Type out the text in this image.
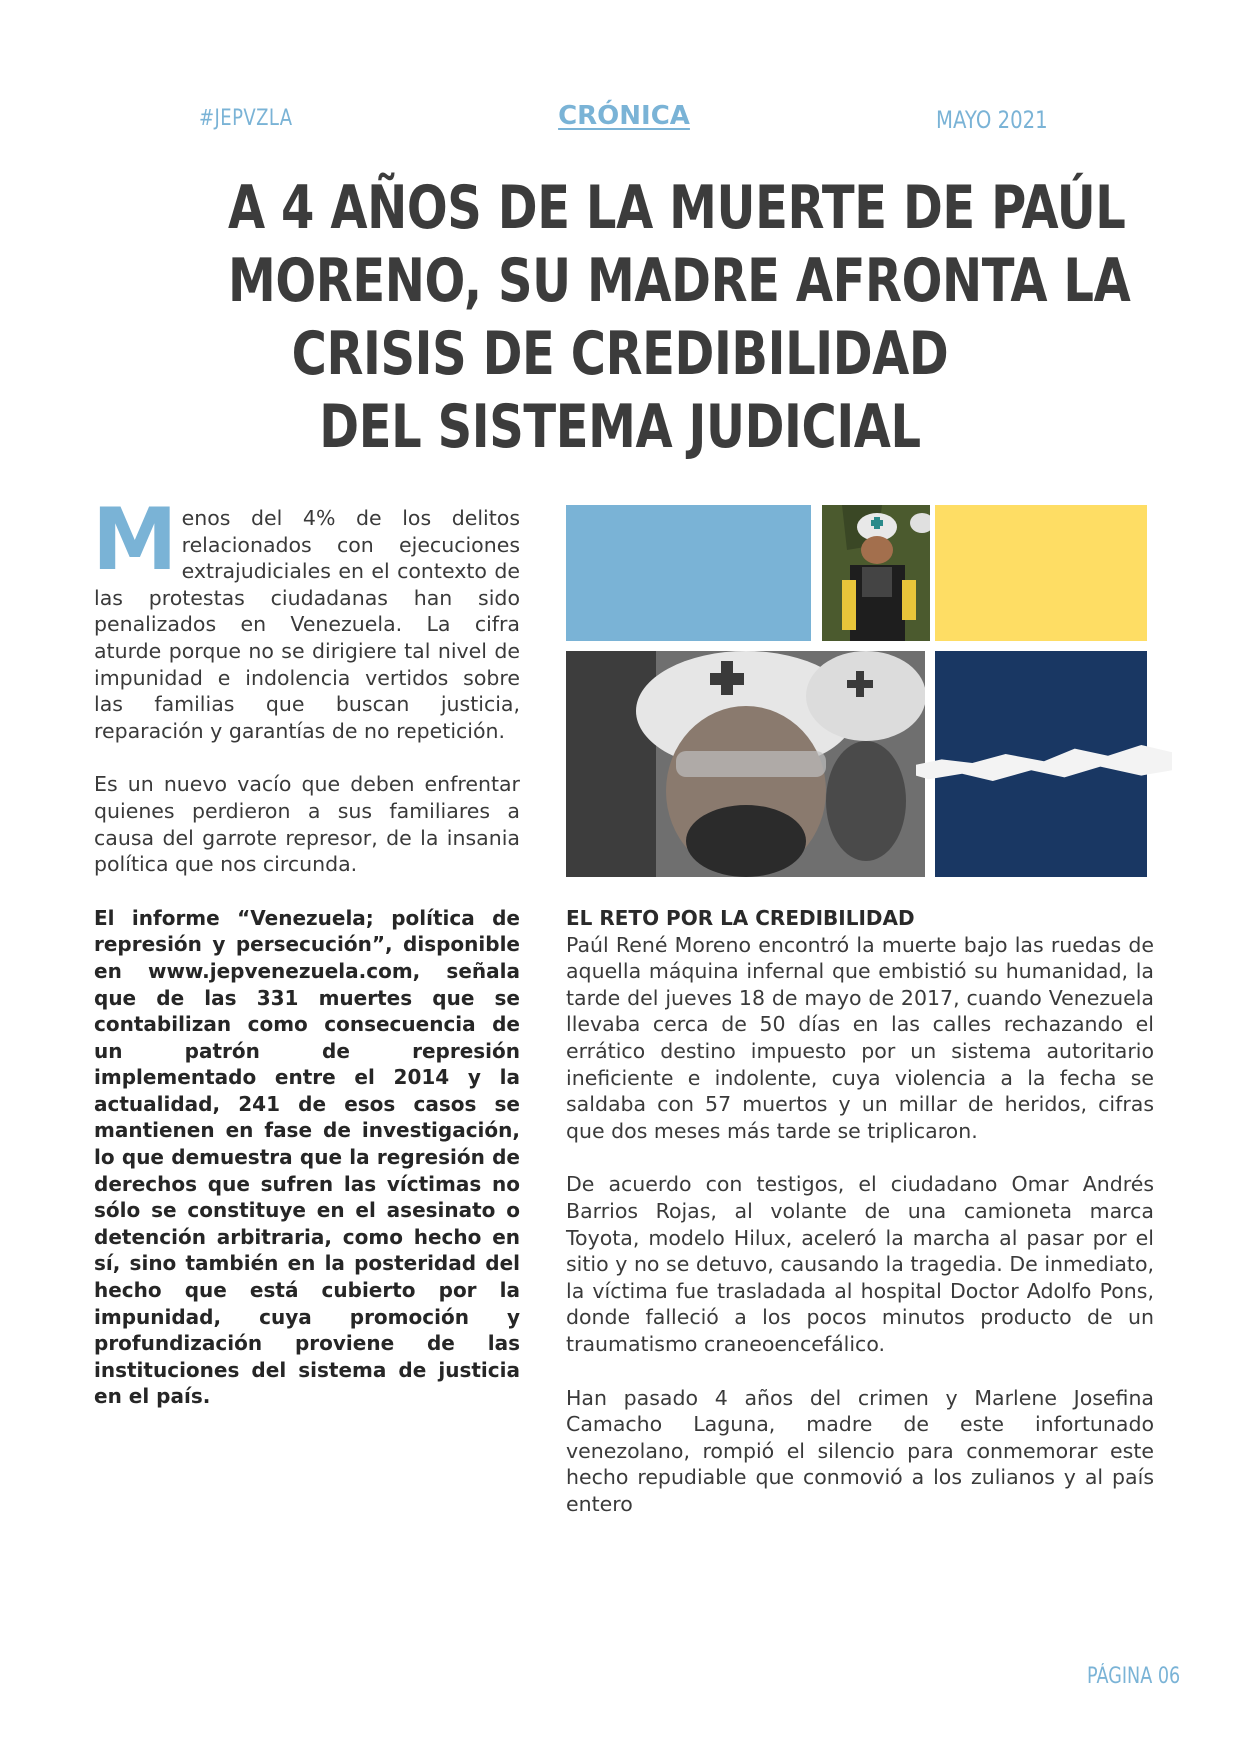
#JEPVZLA	CRÓNICA	MAYO 2021
A 4 AÑOS DE LA MUERTE DE PAÚL
MORENO, SU MADRE AFRONTA LA
CRISIS DE CREDIBILIDAD
DEL SISTEMA JUDICIAL

Menos del 4% de los delitos relacionados con ejecuciones extrajudiciales en el contexto de las protestas ciudadanas han sido penalizados en Venezuela. La cifra aturde porque no se dirigiere tal nivel de impunidad e indolencia vertidos sobre las familias que buscan justicia, reparación y garantías de no repetición.

Es un nuevo vacío que deben enfrentar quienes perdieron a sus familiares a causa del garrote represor, de la insania política que nos circunda.

El informe “Venezuela; política de represión y persecución”, disponible en www.jepvenezuela.com, señala que de las 331 muertes que se contabilizan como consecuencia de un patrón de represión implementado entre el 2014 y la actualidad, 241 de esos casos se mantienen en fase de investigación, lo que demuestra que la regresión de derechos que sufren las víctimas no sólo se constituye en el asesinato o detención arbitraria, como hecho en sí, sino también en la posteridad del hecho que está cubierto por la impunidad, cuya promoción y profundización proviene de las instituciones del sistema de justicia en el país.

EL RETO POR LA CREDIBILIDAD

Paúl René Moreno encontró la muerte bajo las ruedas de aquella máquina infernal que embistió su humanidad, la tarde del jueves 18 de mayo de 2017, cuando Venezuela llevaba cerca de 50 días en las calles rechazando el errático destino impuesto por un sistema autoritario ineficiente e indolente, cuya violencia a la fecha se saldaba con 57 muertos y un millar de heridos, cifras que dos meses más tarde se triplicaron.

De acuerdo con testigos, el ciudadano Omar Andrés Barrios Rojas, al volante de una camioneta marca Toyota, modelo Hilux, aceleró la marcha al pasar por el sitio y no se detuvo, causando la tragedia. De inmediato, la víctima fue trasladada al hospital Doctor Adolfo Pons, donde falleció a los pocos minutos producto de un traumatismo craneoencefálico.

Han pasado 4 años del crimen y Marlene Josefina Camacho Laguna, madre de este infortunado venezolano, rompió el silencio para conmemorar este hecho repudiable que conmovió a los zulianos y al país entero

PÁGINA 06
